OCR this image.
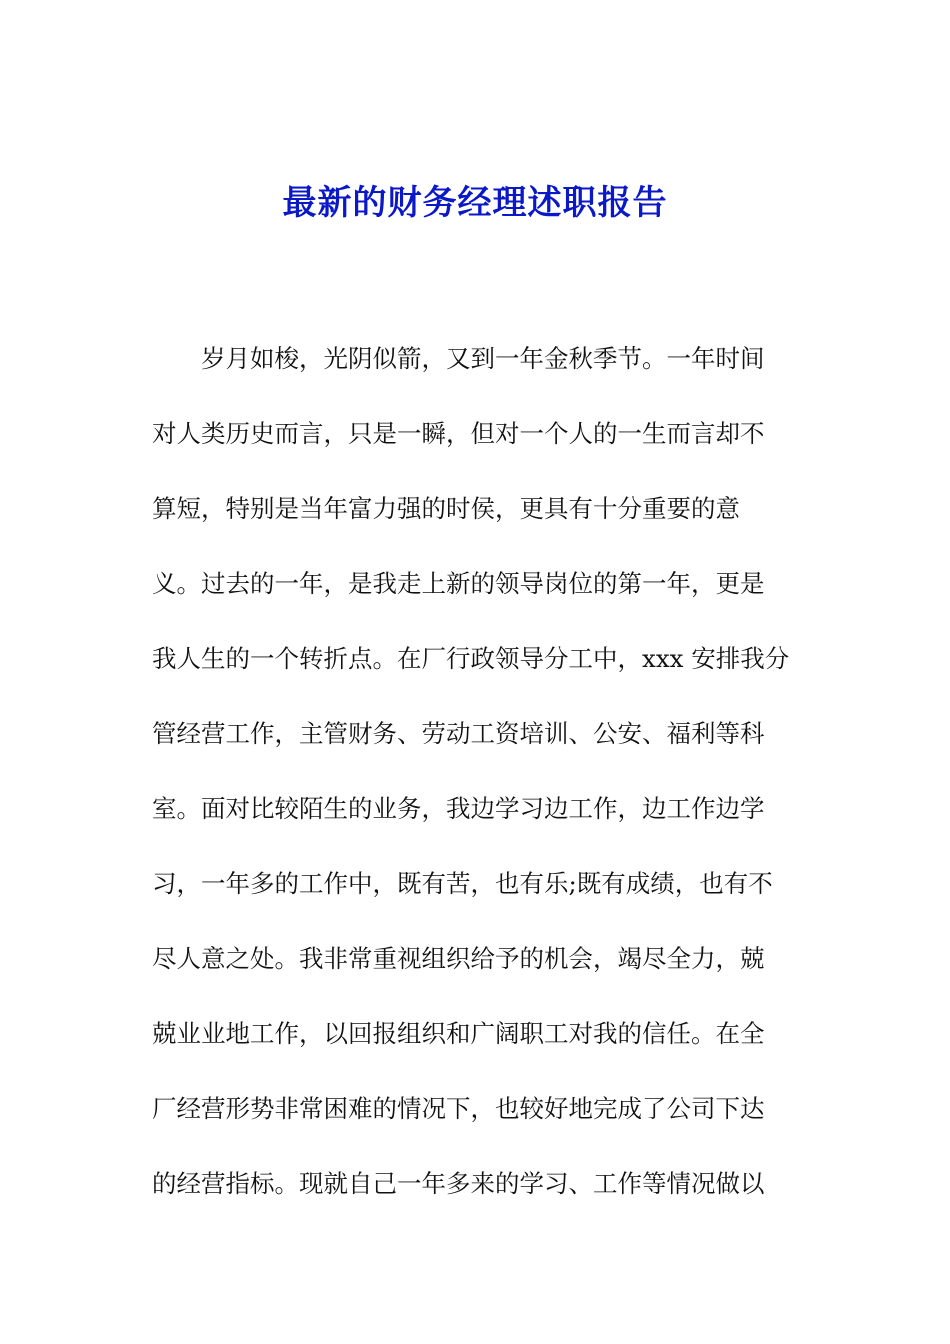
最新的财务经理述职报告
岁月如梭，光阴似箭，又到一年金秋季节。一年时间
对人类历史而言，只是一瞬，但对一个人的一生而言却不
算短，特别是当年富力强的时侯，更具有十分重要的意
义。过去的一年，是我走上新的领导岗位的第一年，更是
我人生的一个转折点。在厂行政领导分工中，xxx 安排我分
管经营工作，主管财务、劳动工资培训、公安、福利等科
室。面对比较陌生的业务，我边学习边工作，边工作边学
习，一年多的工作中，既有苦，也有乐;既有成绩，也有不
尽人意之处。我非常重视组织给予的机会，竭尽全力，兢
兢业业地工作，以回报组织和广阔职工对我的信任。在全
厂经营形势非常困难的情况下，也较好地完成了公司下达
的经营指标。现就自己一年多来的学习、工作等情况做以
